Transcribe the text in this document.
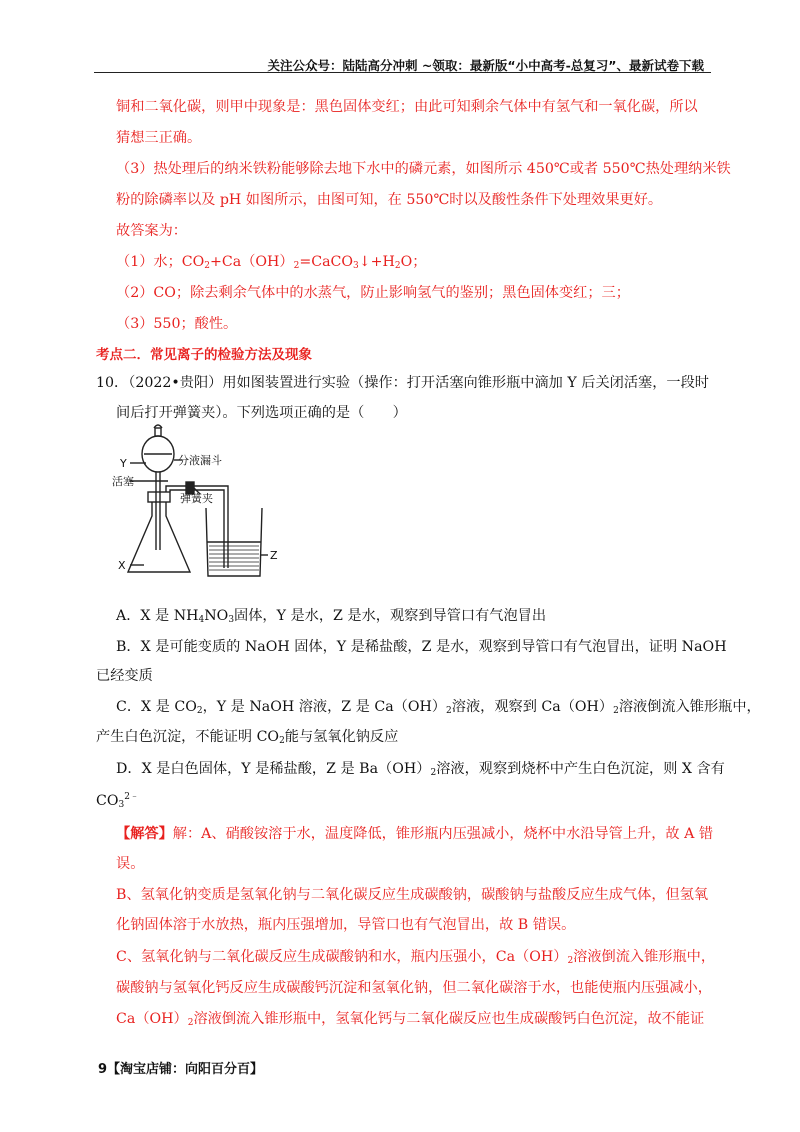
关注公众号：陆陆高分冲刺 ~领取：最新版“小中高考-总复习”、最新试卷下载
铜和二氧化碳，则甲中现象是：黑色固体变红；由此可知剩余气体中有氢气和一氧化碳，所以
猜想三正确。
（3）热处理后的纳米铁粉能够除去地下水中的磷元素，如图所示 450℃或者 550℃热处理纳米铁
粉的除磷率以及 pH 如图所示，由图可知，在 550℃时以及酸性条件下处理效果更好。
故答案为：
（1）水；$CO_2+Ca(OH)_2=CaCO_3↓+H_2O$；
（2）CO；除去剩余气体中的水蒸气，防止影响氢气的鉴别；黑色固体变红；三；
（3）550；酸性。
考点二．常见离子的检验方法及现象
10．（2022•贵阳）用如图装置进行实验（操作：打开活塞向锥形瓶中滴加 Y 后关闭活塞，一段时
间后打开弹簧夹）。下列选项正确的是（　　）
Y	分液漏斗
活塞
弹簧夹
X
Z
A．X 是 $NH_4NO_3$固体，Y 是水，Z 是水，观察到导管口有气泡冒出
B．X 是可能变质的 NaOH 固体，Y 是稀盐酸，Z 是水，观察到导管口有气泡冒出，证明 NaOH
已经变质
C．X 是 $CO_2$，Y 是 NaOH 溶液，Z 是 $Ca(OH)_2$溶液，观察到 $Ca(OH)_2$溶液倒流入锥形瓶中，
产生白色沉淀，不能证明 $CO_2$能与氢氧化钠反应
D．X 是白色固体，Y 是稀盐酸，Z 是 $Ba(OH)_2$溶液，观察到烧杯中产生白色沉淀，则 X 含有
$CO_3^{2﹣}$
【解答】解：A、硝酸铵溶于水，温度降低，锥形瓶内压强减小，烧杯中水沿导管上升，故 A 错
误。
B、氢氧化钠变质是氢氧化钠与二氧化碳反应生成碳酸钠，碳酸钠与盐酸反应生成气体，但氢氧
化钠固体溶于水放热，瓶内压强增加，导管口也有气泡冒出，故 B 错误。
C、氢氧化钠与二氧化碳反应生成碳酸钠和水，瓶内压强小，$Ca(OH)_2$溶液倒流入锥形瓶中，
碳酸钠与氢氧化钙反应生成碳酸钙沉淀和氢氧化钠，但二氧化碳溶于水，也能使瓶内压强减小，
$Ca(OH)_2$溶液倒流入锥形瓶中，氢氧化钙与二氧化碳反应也生成碳酸钙白色沉淀，故不能证
9【淘宝店铺：向阳百分百】
